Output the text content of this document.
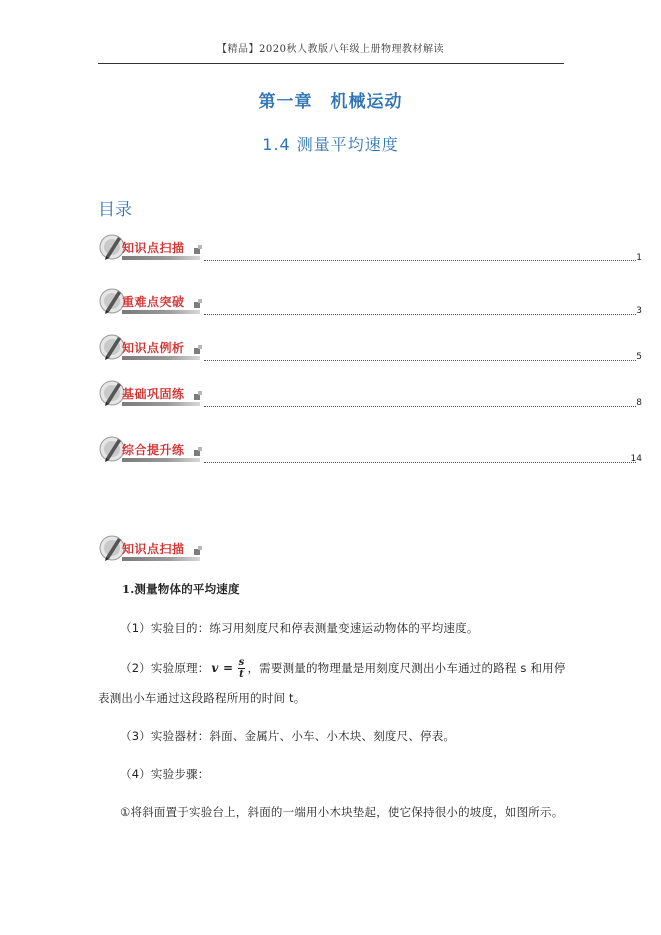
【精品】2020秋人教版八年级上册物理教材解读
第一章　机械运动
1.4 测量平均速度
目录
知识点扫描
1
重难点突破
3
知识点例析
5
基础巩固练
8
综合提升练
14
知识点扫描
1.测量物体的平均速度
（1）实验目的：练习用刻度尺和停表测量变速运动物体的平均速度。
（2）实验原理： $v = \frac{s}{t}$ ，需要测量的物理量是用刻度尺测出小车通过的路程 s 和用停
表测出小车通过这段路程所用的时间 t。
（3）实验器材：斜面、金属片、小车、小木块、刻度尺、停表。
（4）实验步骤：
①将斜面置于实验台上，斜面的一端用小木块垫起，使它保持很小的坡度，如图所示。
